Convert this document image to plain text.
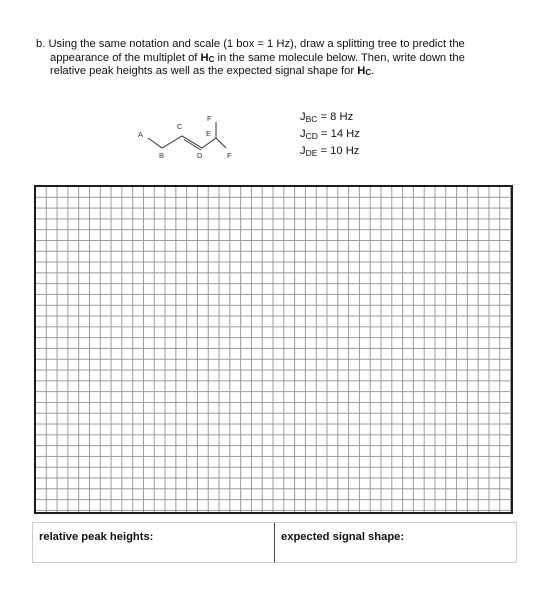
b. Using the same notation and scale (1 box = 1 Hz), draw a splitting tree to predict the
appearance of the multiplet of HC in the same molecule below. Then, write down the
relative peak heights as well as the expected signal shape for HC.
A
B
C
D
E
F
F
JBC = 8 Hz
JCD = 14 Hz
JDE = 10 Hz
relative peak heights:	expected signal shape:
